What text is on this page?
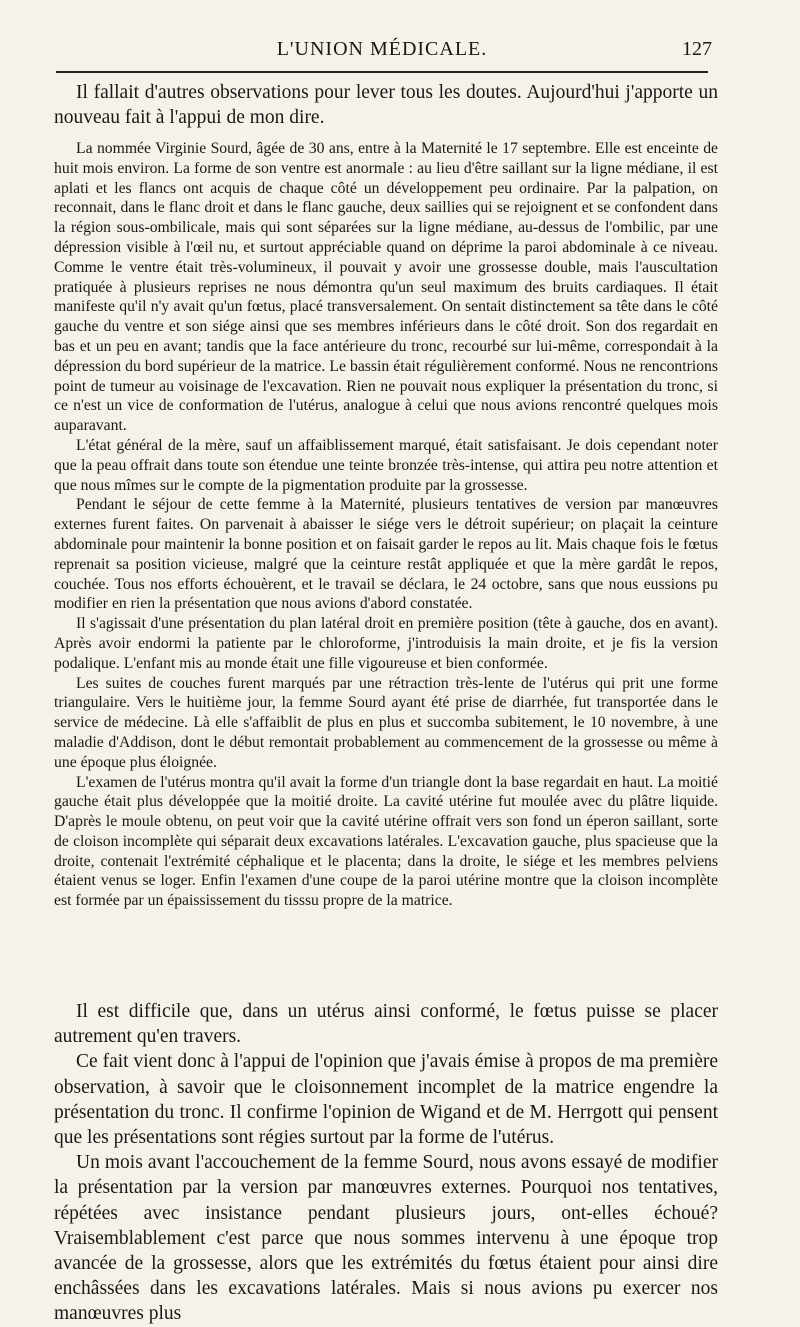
L'UNION MÉDICALE.	127

Il fallait d'autres observations pour lever tous les doutes. Aujourd'hui j'apporte un nouveau fait à l'appui de mon dire.

La nommée Virginie Sourd, âgée de 30 ans, entre à la Maternité le 17 septembre. Elle est enceinte de huit mois environ. La forme de son ventre est anormale : au lieu d'être saillant sur la ligne médiane, il est aplati et les flancs ont acquis de chaque côté un développement peu ordinaire. Par la palpation, on reconnait, dans le flanc droit et dans le flanc gauche, deux saillies qui se rejoignent et se confondent dans la région sous-ombilicale, mais qui sont séparées sur la ligne médiane, au-dessus de l'ombilic, par une dépression visible à l'œil nu, et surtout appréciable quand on déprime la paroi abdominale à ce niveau. Comme le ventre était très-volumineux, il pouvait y avoir une grossesse double, mais l'auscultation pratiquée à plusieurs reprises ne nous démontra qu'un seul maximum des bruits cardiaques. Il était manifeste qu'il n'y avait qu'un fœtus, placé transversalement. On sentait distinctement sa tête dans le côté gauche du ventre et son siége ainsi que ses membres inférieurs dans le côté droit. Son dos regardait en bas et un peu en avant; tandis que la face antérieure du tronc, recourbé sur lui-même, correspondait à la dépression du bord supérieur de la matrice. Le bassin était régulièrement conformé. Nous ne rencontrions point de tumeur au voisinage de l'excavation. Rien ne pouvait nous expliquer la présentation du tronc, si ce n'est un vice de conformation de l'utérus, analogue à celui que nous avions rencontré quelques mois auparavant.

L'état général de la mère, sauf un affaiblissement marqué, était satisfaisant. Je dois cependant noter que la peau offrait dans toute son étendue une teinte bronzée très-intense, qui attira peu notre attention et que nous mîmes sur le compte de la pigmentation produite par la grossesse.

Pendant le séjour de cette femme à la Maternité, plusieurs tentatives de version par manœuvres externes furent faites. On parvenait à abaisser le siége vers le détroit supérieur; on plaçait la ceinture abdominale pour maintenir la bonne position et on faisait garder le repos au lit. Mais chaque fois le fœtus reprenait sa position vicieuse, malgré que la ceinture restât appliquée et que la mère gardât le repos, couchée. Tous nos efforts échouèrent, et le travail se déclara, le 24 octobre, sans que nous eussions pu modifier en rien la présentation que nous avions d'abord constatée.

Il s'agissait d'une présentation du plan latéral droit en première position (tête à gauche, dos en avant). Après avoir endormi la patiente par le chloroforme, j'introduisis la main droite, et je fis la version podalique. L'enfant mis au monde était une fille vigoureuse et bien conformée.

Les suites de couches furent marqués par une rétraction très-lente de l'utérus qui prit une forme triangulaire. Vers le huitième jour, la femme Sourd ayant été prise de diarrhée, fut transportée dans le service de médecine. Là elle s'affaiblit de plus en plus et succomba subitement, le 10 novembre, à une maladie d'Addison, dont le début remontait probablement au commencement de la grossesse ou même à une époque plus éloignée.

L'examen de l'utérus montra qu'il avait la forme d'un triangle dont la base regardait en haut. La moitié gauche était plus développée que la moitié droite. La cavité utérine fut moulée avec du plâtre liquide. D'après le moule obtenu, on peut voir que la cavité utérine offrait vers son fond un éperon saillant, sorte de cloison incomplète qui séparait deux excavations latérales. L'excavation gauche, plus spacieuse que la droite, contenait l'extrémité céphalique et le placenta; dans la droite, le siége et les membres pelviens étaient venus se loger. Enfin l'examen d'une coupe de la paroi utérine montre que la cloison incomplète est formée par un épaississement du tisssu propre de la matrice.

Il est difficile que, dans un utérus ainsi conformé, le fœtus puisse se placer autrement qu'en travers.

Ce fait vient donc à l'appui de l'opinion que j'avais émise à propos de ma première observation, à savoir que le cloisonnement incomplet de la matrice engendre la présentation du tronc. Il confirme l'opinion de Wigand et de M. Herrgott qui pensent que les présentations sont régies surtout par la forme de l'utérus.

Un mois avant l'accouchement de la femme Sourd, nous avons essayé de modifier la présentation par la version par manœuvres externes. Pourquoi nos tentatives, répétées avec insistance pendant plusieurs jours, ont-elles échoué? Vraisemblablement c'est parce que nous sommes intervenu à une époque trop avancée de la grossesse, alors que les extrémités du fœtus étaient pour ainsi dire enchâssées dans les excavations latérales. Mais si nous avions pu exercer nos manœuvres plus
